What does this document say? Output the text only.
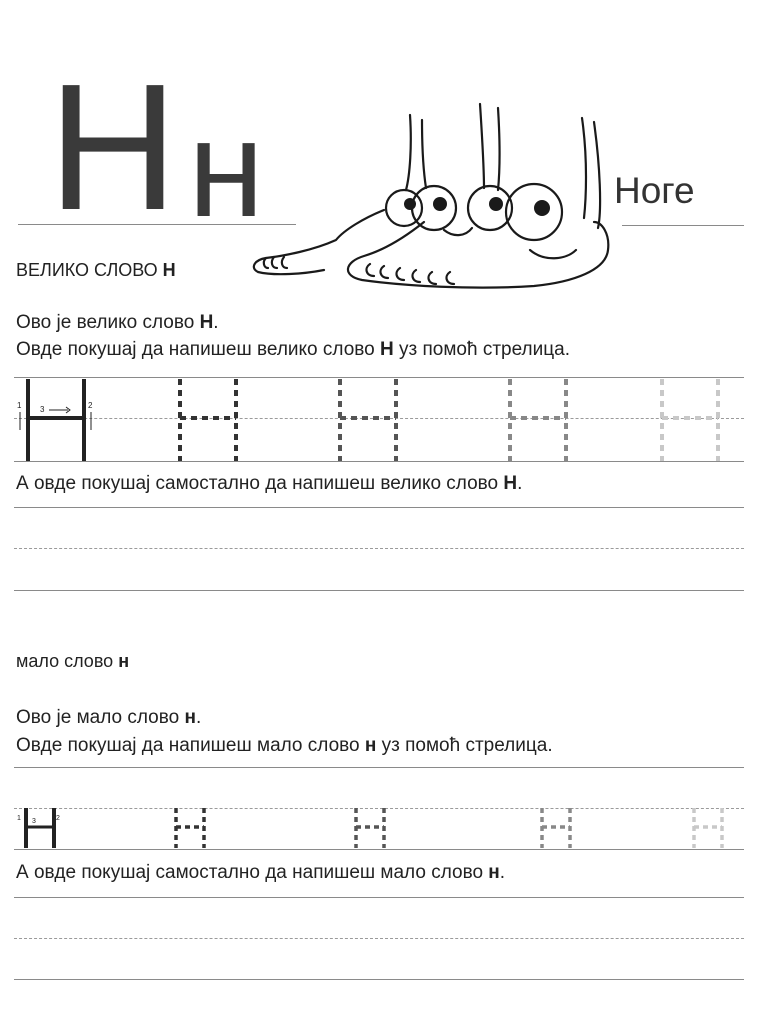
Н н	Ноге
ВЕЛИКО СЛОВО Н
Ово је велико слово Н.
Овде покушај да напишеш велико слово Н уз помоћ стрелица.
1	2
3
А овде покушај самостално да напишеш велико слово Н.
мало слово н
Ово је мало слово н.
Овде покушај да напишеш мало слово н уз помоћ стрелица.
1	2
3
А овде покушај самостално да напишеш мало слово н.
